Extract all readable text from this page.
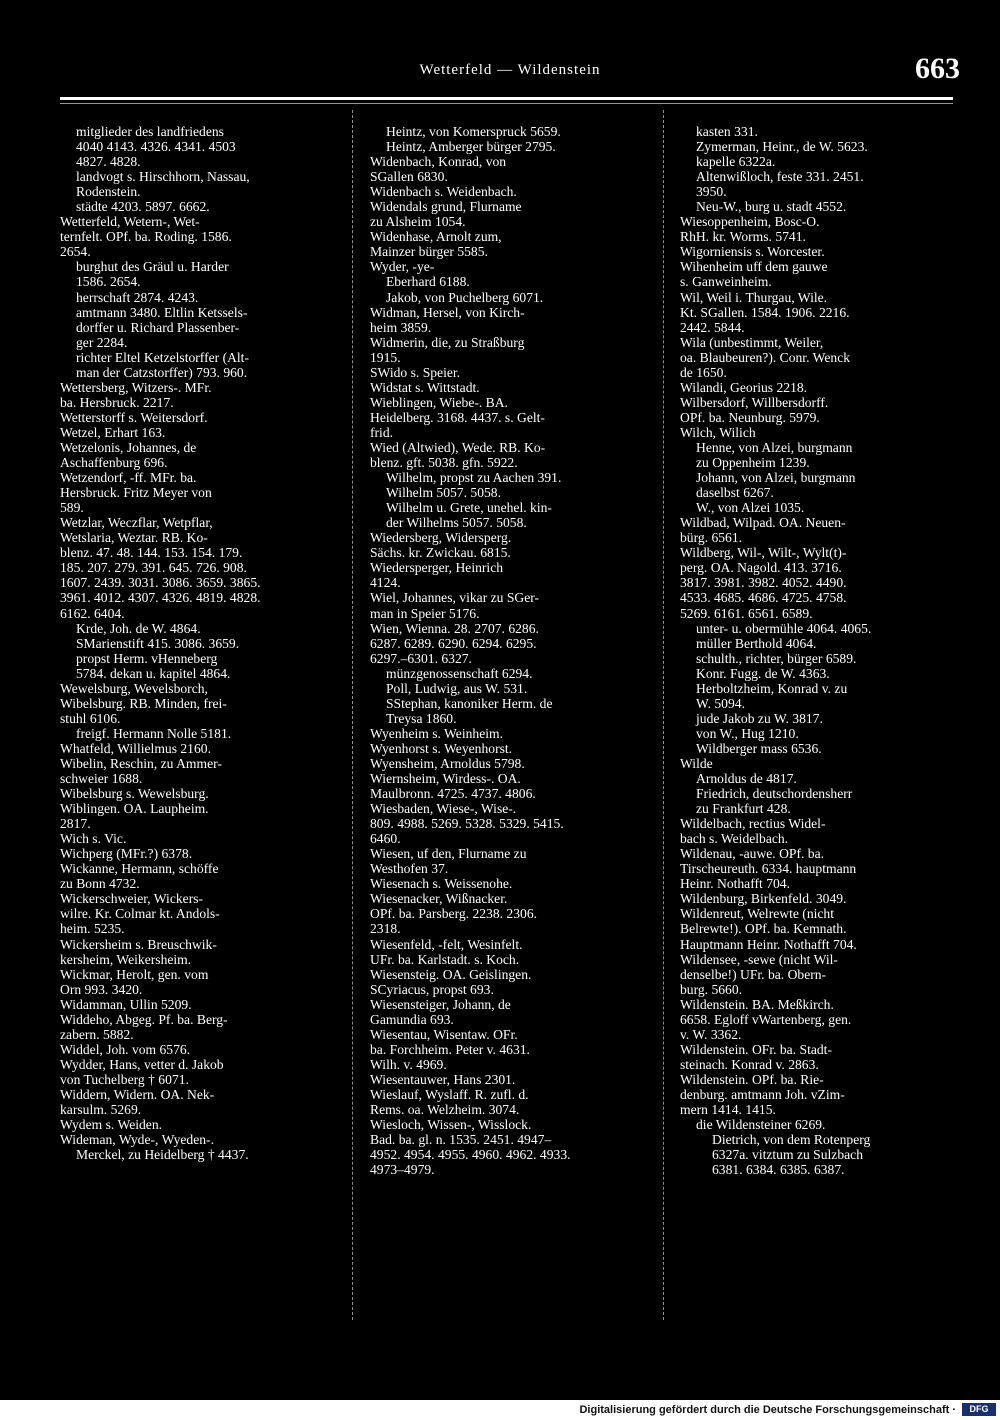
Wetterfeld — Wildenstein	663
mitglieder des landfriedens
4040 4143. 4326. 4341. 4503
4827. 4828.
landvogt s. Hirschhorn, Nassau,
Rodenstein.
städte 4203. 5897. 6662.
Wetterfeld, Wetern-, Wet-
ternfelt. OPf. ba. Roding. 1586.
2654.
burghut des Gräul u. Harder
1586. 2654.
herrschaft 2874. 4243.
amtmann 3480. Eltlin Ketssels-
dorffer u. Richard Plassenber-
ger 2284.
richter Eltel Ketzelstorffer (Alt-
man der Catzstorffer) 793. 960.
Wettersberg, Witzers-. MFr.
ba. Hersbruck. 2217.
Wetterstorff s. Weitersdorf.
Wetzel, Erhart 163.
Wetzelonis, Johannes, de
Aschaffenburg 696.
Wetzendorf, -ff. MFr. ba.
Hersbruck. Fritz Meyer von
589.
Wetzlar, Weczflar, Wetpflar,
Wetslaria, Weztar. RB. Ko-
blenz. 47. 48. 144. 153. 154. 179.
185. 207. 279. 391. 645. 726. 908.
1607. 2439. 3031. 3086. 3659. 3865.
3961. 4012. 4307. 4326. 4819. 4828.
6162. 6404.
Krde, Joh. de W. 4864.
SMarienstift 415. 3086. 3659.
propst Herm. vHenneberg
5784. dekan u. kapitel 4864.
Wewelsburg, Wevelsborch,
Wibelsburg. RB. Minden, frei-
stuhl 6106.
freigf. Hermann Nolle 5181.
Whatfeld, Willielmus 2160.
Wibelin, Reschin, zu Ammer-
schweier 1688.
Wibelsburg s. Wewelsburg.
Wiblingen. OA. Laupheim.
2817.
Wich s. Vic.
Wichperg (MFr.?) 6378.
Wickanne, Hermann, schöffe
zu Bonn 4732.
Wickerschweier, Wickers-
wilre. Kr. Colmar kt. Andols-
heim. 5235.
Wickersheim s. Breuschwik-
kersheim, Weikersheim.
Wickmar, Herolt, gen. vom
Orn 993. 3420.
Widamman, Ullin 5209.
Widdeho, Abgeg. Pf. ba. Berg-
zabern. 5882.
Widdel, Joh. vom 6576.
Wydder, Hans, vetter d. Jakob
von Tuchelberg † 6071.
Widdern, Widern. OA. Nek-
karsulm. 5269.
Wydem s. Weiden.
Wideman, Wyde-, Wyeden-.
Merckel, zu Heidelberg † 4437.
Heintz, von Komerspruck 5659.
Heintz, Amberger bürger 2795.
Widenbach, Konrad, von
SGallen 6830.
Widenbach s. Weidenbach.
Widendals grund, Flurname
zu Alsheim 1054.
Widenhase, Arnolt zum,
Mainzer bürger 5585.
Wyder, -ye-
Eberhard 6188.
Jakob, von Puchelberg 6071.
Widman, Hersel, von Kirch-
heim 3859.
Widmerin, die, zu Straßburg
1915.
SWido s. Speier.
Widstat s. Wittstadt.
Wieblingen, Wiebe-. BA.
Heidelberg. 3168. 4437. s. Gelt-
frid.
Wied (Altwied), Wede. RB. Ko-
blenz. gft. 5038. gfn. 5922.
Wilhelm, propst zu Aachen 391.
Wilhelm 5057. 5058.
Wilhelm u. Grete, unehel. kin-
der Wilhelms 5057. 5058.
Wiedersberg, Widersperg.
Sächs. kr. Zwickau. 6815.
Wiedersperger, Heinrich
4124.
Wiel, Johannes, vikar zu SGer-
man in Speier 5176.
Wien, Wienna. 28. 2707. 6286.
6287. 6289. 6290. 6294. 6295.
6297.–6301. 6327.
münzgenossenschaft 6294.
Poll, Ludwig, aus W. 531.
SStephan, kanoniker Herm. de
Treysa 1860.
Wyenheim s. Weinheim.
Wyenhorst s. Weyenhorst.
Wyensheim, Arnoldus 5798.
Wiernsheim, Wirdess-. OA.
Maulbronn. 4725. 4737. 4806.
Wiesbaden, Wiese-, Wise-.
809. 4988. 5269. 5328. 5329. 5415.
6460.
Wiesen, uf den, Flurname zu
Westhofen 37.
Wiesenach s. Weissenohe.
Wiesenacker, Wißnacker.
OPf. ba. Parsberg. 2238. 2306.
2318.
Wiesenfeld, -felt, Wesinfelt.
UFr. ba. Karlstadt. s. Koch.
Wiesensteig. OA. Geislingen.
SCyriacus, propst 693.
Wiesensteiger, Johann, de
Gamundia 693.
Wiesentau, Wisentaw. OFr.
ba. Forchheim. Peter v. 4631.
Wilh. v. 4969.
Wiesentauwer, Hans 2301.
Wieslauf, Wyslaff. R. zufl. d.
Rems. oa. Welzheim. 3074.
Wiesloch, Wissen-, Wisslock.
Bad. ba. gl. n. 1535. 2451. 4947–
4952. 4954. 4955. 4960. 4962. 4933.
4973–4979.
kasten 331.
Zymerman, Heinr., de W. 5623.
kapelle 6322a.
Altenwißloch, feste 331. 2451.
3950.
Neu-W., burg u. stadt 4552.
Wiesoppenheim, Bosc-O.
RhH. kr. Worms. 5741.
Wigorniensis s. Worcester.
Wihenheim uff dem gauwe
s. Ganweinheim.
Wil, Weil i. Thurgau, Wile.
Kt. SGallen. 1584. 1906. 2216.
2442. 5844.
Wila (unbestimmt, Weiler,
oa. Blaubeuren?). Conr. Wenck
de 1650.
Wilandi, Georius 2218.
Wilbersdorf, Willbersdorff.
OPf. ba. Neunburg. 5979.
Wilch, Wilich
Henne, von Alzei, burgmann
zu Oppenheim 1239.
Johann, von Alzei, burgmann
daselbst 6267.
W., von Alzei 1035.
Wildbad, Wilpad. OA. Neuen-
bürg. 6561.
Wildberg, Wil-, Wilt-, Wylt(t)-
perg. OA. Nagold. 413. 3716.
3817. 3981. 3982. 4052. 4490.
4533. 4685. 4686. 4725. 4758.
5269. 6161. 6561. 6589.
unter- u. obermühle 4064. 4065.
müller Berthold 4064.
schulth., richter, bürger 6589.
Konr. Fugg. de W. 4363.
Herboltzheim, Konrad v. zu
W. 5094.
jude Jakob zu W. 3817.
von W., Hug 1210.
Wildberger mass 6536.
Wilde
Arnoldus de 4817.
Friedrich, deutschordensherr
zu Frankfurt 428.
Wildelbach, rectius Widel-
bach s. Weidelbach.
Wildenau, -auwe. OPf. ba.
Tirscheureuth. 6334. hauptmann
Heinr. Nothafft 704.
Wildenburg, Birkenfeld. 3049.
Wildenreut, Welrewte (nicht
Belrewte!). OPf. ba. Kemnath.
Hauptmann Heinr. Nothafft 704.
Wildensee, -sewe (nicht Wil-
denselbe!) UFr. ba. Obern-
burg. 5660.
Wildenstein. BA. Meßkirch.
6658. Egloff vWartenberg, gen.
v. W. 3362.
Wildenstein. OFr. ba. Stadt-
steinach. Konrad v. 2863.
Wildenstein. OPf. ba. Rie-
denburg. amtmann Joh. vZim-
mern 1414. 1415.
die Wildensteiner 6269.
Dietrich, von dem Rotenperg
6327a. vitztum zu Sulzbach
6381. 6384. 6385. 6387.
Digitalisierung gefördert durch die Deutsche Forschungsgemeinschaft ·	DFG
